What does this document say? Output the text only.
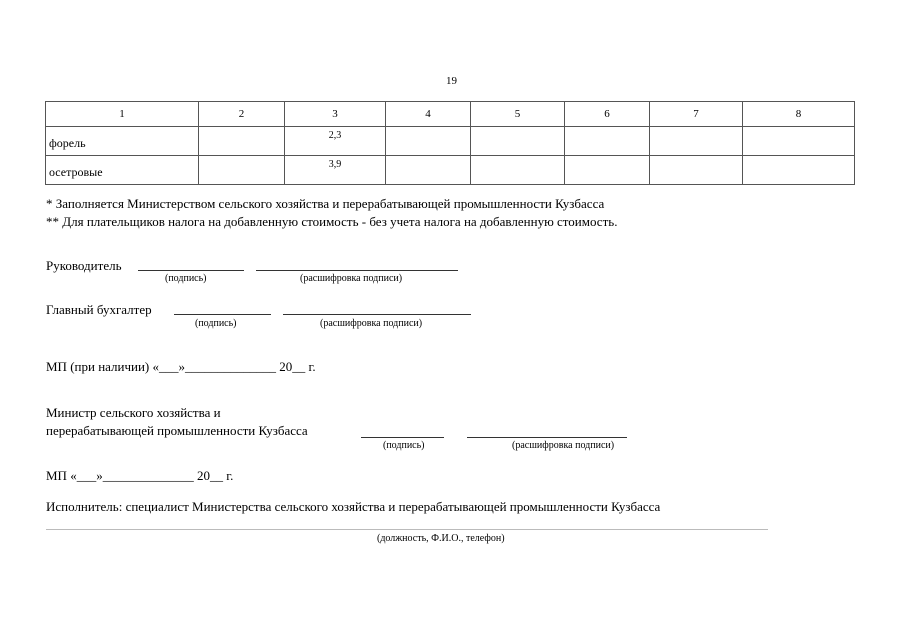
19
1	2	3	4	5	6	7	8
форель		2,3					
осетровые		3,9					
* Заполняется Министерством сельского хозяйства и перерабатывающей промышленности Кузбасса
** Для плательщиков налога на добавленную стоимость - без учета налога на добавленную стоимость.
Руководитель
(подпись)	(расшифровка подписи)
Главный бухгалтер
(подпись)	(расшифровка подписи)
МП (при наличии) «___»______________ 20__ г.
Министр сельского хозяйства и
перерабатывающей промышленности Кузбасса
(подпись)	(расшифровка подписи)
МП «___»______________ 20__ г.
Исполнитель: специалист Министерства сельского хозяйства и перерабатывающей промышленности Кузбасса
(должность, Ф.И.О., телефон)
